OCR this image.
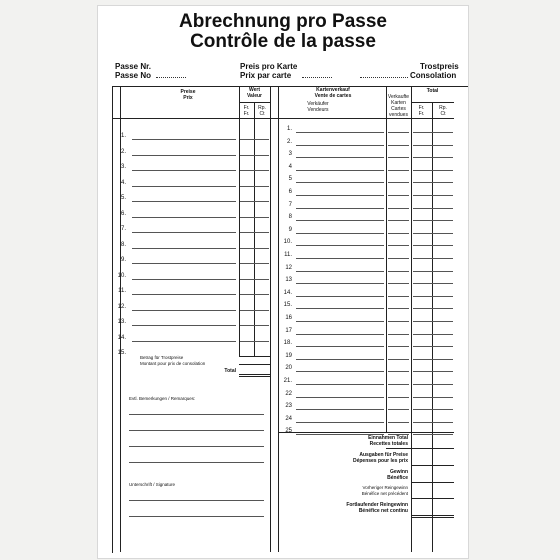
Abrechnung pro Passe
Contrôle de la passe
Passe Nr.
Passe No
Preis pro Karte
Prix par carte
Trostpreis
Consolation
Preise
Prix
Wert
Valeur
Fr.
Fr.
Rp.
Ct
Kartenverkauf
Vente de cartes
Verkäufer
Vendeurs
Verkaufte
Karten
Cartes
vendues
Total
Fr.
Fr.
Rp.
Ct
1.
2.
3.
4.
5.
6.
7.
8.
9.
10.
11.
12.
13.
14.
15.
1.
2.
3
4
5
6
7
8
9
10.
11.
12
13
14.
15.
16
17
18.
19
20
21.
22
23
24
Betrag für Trostpreise
Montant pour prix de consolation
Total
Evtl. Bemerkungen / Remarques:
Unterschrift / Signature
Einnahmen Total
Recettes totales
Ausgaben für Preise
Dépenses pour les prix
Gewinn
Bénéfice
Vorheriger Reingewinn
Bénéfice net précédent
Fortlaufender Reingewinn
Bénéfice net continu
